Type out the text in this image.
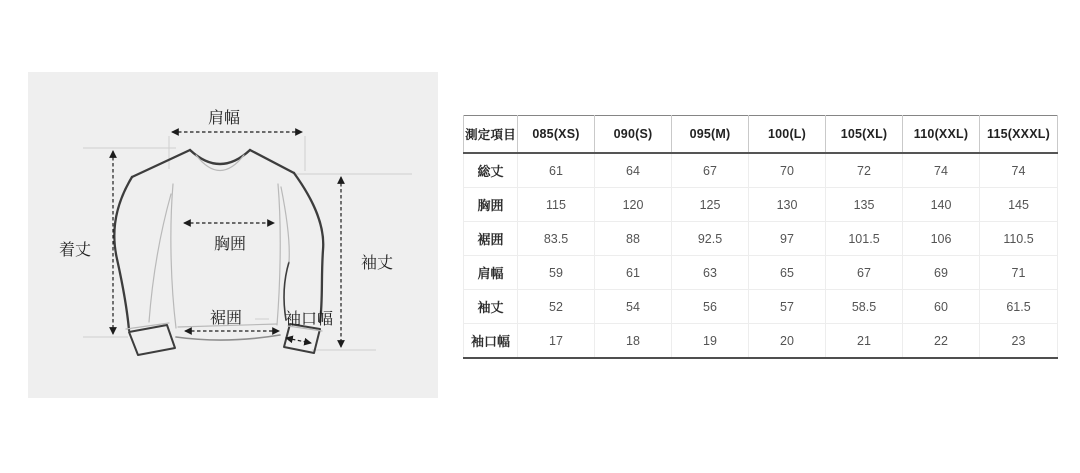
肩幅
着丈
袖丈
胸囲
裾囲	袖口幅
測定項目	085(XS)	090(S)	095(M)	100(L)	105(XL)	110(XXL)	115(XXXL)
総丈	61	64	67	70	72	74	74
胸囲	115	120	125	130	135	140	145
裾囲	83.5	88	92.5	97	101.5	106	110.5
肩幅	59	61	63	65	67	69	71
袖丈	52	54	56	57	58.5	60	61.5
袖口幅	17	18	19	20	21	22	23
